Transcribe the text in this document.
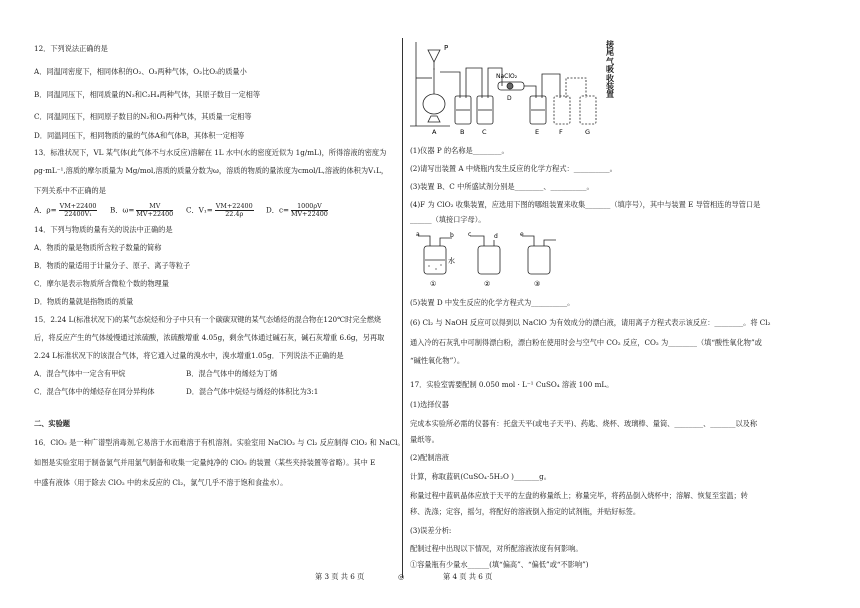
12．下列说法正确的是
A．同温同密度下，相同体积的O₂、O₃两种气体，O₂比O₃的质量小
B．同温同压下，相同质量的N₂和C₂H₄两种气体，其原子数目一定相等
C．同温同压下，相同原子数目的N₂和O₃两种气体，其质量一定相等
D．同温同压下，相同物质的量的气体A和气体B，其体积一定相等
13．标准状况下，VL 某气体(此气体不与水反应)溶解在 1L 水中(水的密度近似为 1g/mL)，所得溶液的密度为
ρg·mL⁻¹,溶质的摩尔质量为 Mg/mol,溶质的质量分数为ω，溶质的物质的量浓度为cmol/L,溶液的体积为V₁L，
下列关系中不正确的是
A．$\rho= \frac{VM+22400}{\text{22400V₁}}$ B．$\omega= \frac{MV}{MV+22400}$ C．$V_1= \frac{VM+22400}{22.4\rho}$ D．$c= \frac{1000\rho V}{MV+22400}$
14．下列与物质的量有关的说法中正确的是
A．物质的量是物质所含粒子数量的简称
B．物质的量适用于计量分子、原子、离子等粒子
C．摩尔是表示物质所含微粒个数的物理量
D．物质的量就是指物质的质量
15．2.24 L(标准状况下)的某气态烷烃和分子中只有一个碳碳双键的某气态烯烃的混合物在120℃时完全燃烧
后，将反应产生的气体缓慢通过浓硫酸，浓硫酸增重 4.05g，剩余气体通过碱石灰，碱石灰增重 6.6g，另再取
2.24 L标准状况下的该混合气体，将它通入过量的溴水中，溴水增重1.05g．下列说法不正确的是
A．混合气体中一定含有甲烷	B．混合气体中的烯烃为丁烯
C．混合气体中的烯烃存在同分异构体	D．混合气体中烷烃与烯烃的体积比为3:1
二、实验题
16．ClO₂ 是一种广谱型消毒剂,它易溶于水而难溶于有机溶剂。实验室用 NaClO₂ 与 Cl₂ 反应制得 ClO₂ 和 NaCl。
如图是实验室用于制备氯气并用氯气制备和收集一定量纯净的 ClO₂ 的装置（某些夹持装置等省略）。其中 E
中盛有液体（用于除去 ClO₂ 中的未反应的 Cl₂，氯气几乎不溶于饱和食盐水）。
P
NaClO₂
D
A	B	C	E	F	G
接尾气吸收装置
(1)仪器 P 的名称是________。
(2)请写出装置 A 中烧瓶内发生反应的化学方程式：__________。
(3)装置 B、C 中所盛试剂分别是________、__________。
(4)F 为 ClO₂ 收集装置，应选用下图的哪组装置来收集_______（填序号），其中与装置 E 导管相连的导管口是
______（填接口字母）。
a	b c	d	e
水
①	②	③
(5)装置 D 中发生反应的化学方程式为__________。
(6) Cl₂ 与 NaOH 反应可以得到以 NaClO 为有效成分的漂白液，请用离子方程式表示该反应：________。将 Cl₂
通入冷的石灰乳中可制得漂白粉，漂白粉在使用时会与空气中 CO₂ 反应，CO₂ 为________（填“酸性氧化物”或
“碱性氧化物”）。
17．实验室需要配制 0.050 mol · L⁻¹ CuSO₄ 溶液 100 mL。
(1)选择仪器
完成本实验所必需的仪器有：托盘天平(或电子天平)、药匙、烧杯、玻璃棒、量筒、________、_______以及称
量纸等。
(2)配制溶液
计算，称取蓝矾(CuSO₄·5H₂O )_______g。
称量过程中蓝矾晶体应放于天平的左盘的称量纸上；称量完毕，将药品倒入烧杯中；溶解、恢复至室温；转
移、洗涤；定容，摇匀，将配好的溶液倒入指定的试剂瓶，并贴好标签。
(3)误差分析:
配制过程中出现以下情况，对所配溶液浓度有何影响。
①容量瓶有少量水______(填“偏高”、“偏低”或“不影响”)
第 3 页 共 6 页	◎	第 4 页 共 6 页
